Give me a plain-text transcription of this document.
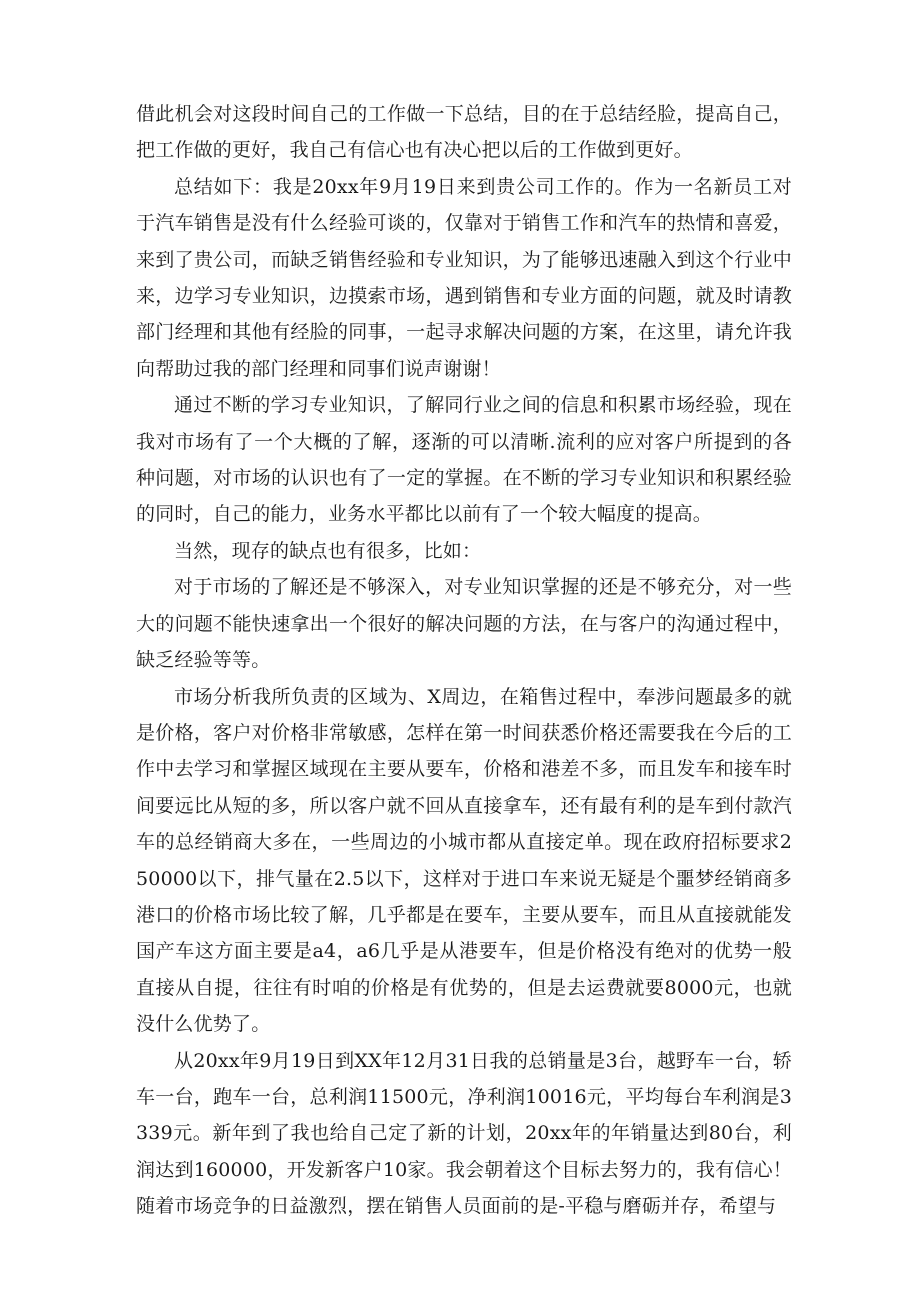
借此机会对这段时间自己的工作做一下总结，目的在于总结经脸，提高自己，把工作做的更好，我自己有信心也有决心把以后的工作做到更好。

总结如下：我是20xx年9月19日来到贵公司工作的。作为一名新员工对于汽车销售是没有什么经验可谈的，仅靠对于销售工作和汽车的热情和喜爱，来到了贵公司，而缺乏销售经验和专业知识，为了能够迅速融入到这个行业中来，边学习专业知识，边摸索市场，遇到销售和专业方面的问题，就及时请教部门经理和其他有经脸的同事，一起寻求解决问题的方案，在这里，请允许我向帮助过我的部门经理和同事们说声谢谢！

通过不断的学习专业知识，了解同行业之间的信息和积累市场经验，现在我对市场有了一个大概的了解，逐渐的可以清晰.流利的应对客户所提到的各种问题，对市场的认识也有了一定的掌握。在不断的学习专业知识和积累经验的同时，自己的能力，业务水平都比以前有了一个较大幅度的提高。

当然，现存的缺点也有很多，比如：

对于市场的了解还是不够深入，对专业知识掌握的还是不够充分，对一些大的问题不能快速拿出一个很好的解决问题的方法，在与客户的沟通过程中，缺乏经验等等。

市场分析我所负责的区域为、X周边，在箱售过程中，奉涉问题最多的就是价格，客户对价格非常敏感，怎样在第一时间获悉价格还需要我在今后的工作中去学习和掌握区域现在主要从要车，价格和港差不多，而且发车和接车时间要远比从短的多，所以客户就不回从直接拿车，还有最有利的是车到付款汽车的总经销商大多在，一些周边的小城市都从直接定单。现在政府招标要求250000以下，排气量在2.5以下，这样对于进口车来说无疑是个噩梦经销商多港口的价格市场比较了解，几乎都是在要车，主要从要车，而且从直接就能发国产车这方面主要是a4，a6几乎是从港要车，但是价格没有绝对的优势一般直接从自提，往往有时咱的价格是有优势的，但是去运费就要8000元，也就没什么优势了。

从20xx年9月19日到XX年12月31日我的总销量是3台，越野车一台，轿车一台，跑车一台，总利润11500元，净利润10016元，平均每台车利润是3339元。新年到了我也给自己定了新的计划，20xx年的年销量达到80台，利润达到160000，开发新客户10家。我会朝着这个目标去努力的，我有信心！随着市场竞争的日益激烈，摆在销售人员面前的是-平稳与磨砺并存，希望与
